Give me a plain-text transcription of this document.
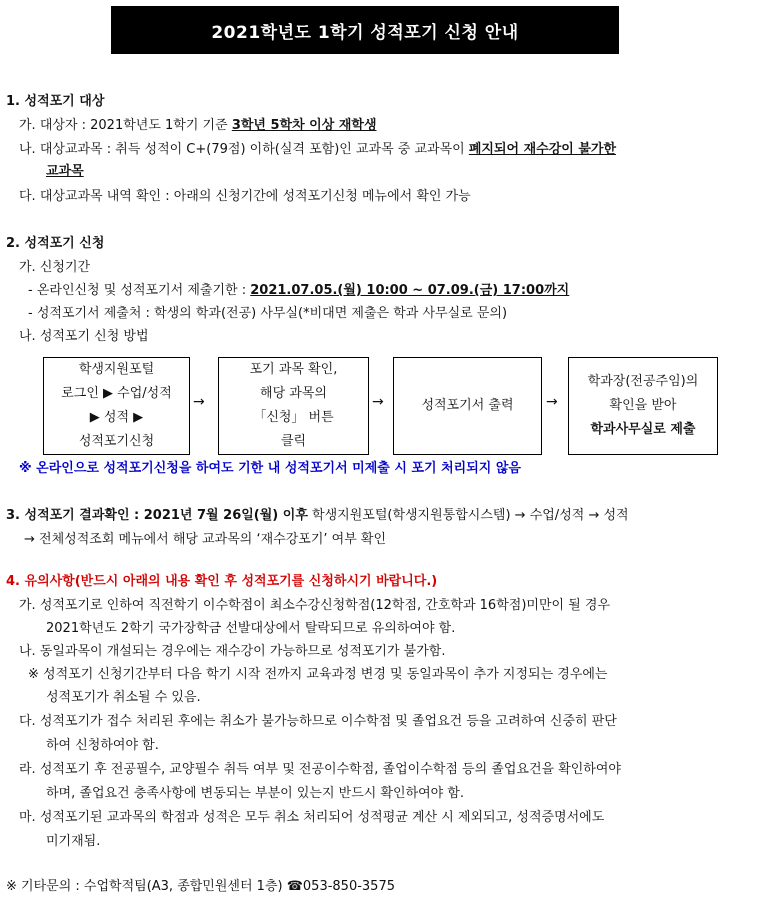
2021학년도 1학기 성적포기 신청 안내
1. 성적포기 대상
가. 대상자 : 2021학년도 1학기 기준 3학년 5학차 이상 재학생
나. 대상교과목 : 취득 성적이 C+(79점) 이하(실격 포함)인 교과목 중 교과목이 폐지되어 재수강이 불가한
교과목
다. 대상교과목 내역 확인 : 아래의 신청기간에 성적포기신청 메뉴에서 확인 가능
2. 성적포기 신청
가. 신청기간
- 온라인신청 및 성적포기서 제출기한 : 2021.07.05.(월) 10:00 ~ 07.09.(금) 17:00까지
- 성적포기서 제출처 : 학생의 학과(전공) 사무실(*비대면 제출은 학과 사무실로 문의)
나. 성적포기 신청 방법
학생지원포털
로그인 ▶ 수업/성적
▶ 성적 ▶
성적포기신청
→
포기 과목 확인,
해당 과목의
「신청」 버튼
클릭
→	성적포기서 출력 →
학과장(전공주임)의
확인을 받아
학과사무실로 제출
※ 온라인으로 성적포기신청을 하여도 기한 내 성적포기서 미제출 시 포기 처리되지 않음
3. 성적포기 결과확인 : 2021년 7월 26일(월) 이후 학생지원포털(학생지원통합시스템) → 수업/성적 → 성적
→ 전체성적조회 메뉴에서 해당 교과목의 ‘재수강포기’ 여부 확인
4. 유의사항(반드시 아래의 내용 확인 후 성적포기를 신청하시기 바랍니다.)
가. 성적포기로 인하여 직전학기 이수학점이 최소수강신청학점(12학점, 간호학과 16학점)미만이 될 경우
2021학년도 2학기 국가장학금 선발대상에서 탈락되므로 유의하여야 함.
나. 동일과목이 개설되는 경우에는 재수강이 가능하므로 성적포기가 불가함.
※ 성적포기 신청기간부터 다음 학기 시작 전까지 교육과정 변경 및 동일과목이 추가 지정되는 경우에는
성적포기가 취소될 수 있음.
다. 성적포기가 접수 처리된 후에는 취소가 불가능하므로 이수학점 및 졸업요건 등을 고려하여 신중히 판단
하여 신청하여야 함.
라. 성적포기 후 전공필수, 교양필수 취득 여부 및 전공이수학점, 졸업이수학점 등의 졸업요건을 확인하여야
하며, 졸업요건 충족사항에 변동되는 부분이 있는지 반드시 확인하여야 함.
마. 성적포기된 교과목의 학점과 성적은 모두 취소 처리되어 성적평균 계산 시 제외되고, 성적증명서에도
미기재됨.
※ 기타문의 : 수업학적팀(A3, 종합민원센터 1층) ☎053-850-3575
